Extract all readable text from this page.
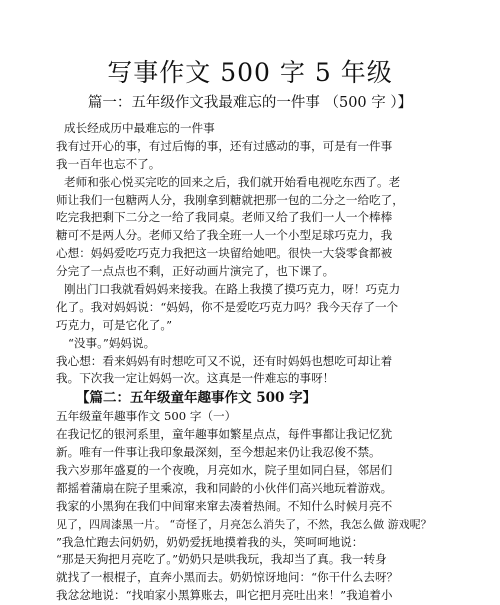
写事作文 500 字 5 年级
篇一：五年级作文我最难忘的一件事 （500 字 ）】
成长经成历中最难忘的一件事
我有过开心的事，有过后悔的事，还有过感动的事，可是有一件事
我一百年也忘不了。
老师和张心悦买完吃的回来之后，我们就开始看电视吃东西了。老
师让我们一包糖两人分，我刚拿到糖就把那一包的二分之一给吃了，
吃完我把剩下二分之一给了我同桌。老师又给了我们一人一个棒棒
糖可不是两人分。老师又给了我全班一人一个小型足球巧克力，我
心想：妈妈爱吃巧克力我把这一块留给她吧。很快一大袋零食都被
分完了一点点也不剩，正好动画片演完了，也下课了。
刚出门口我就看妈妈来接我。在路上我摸了摸巧克力，呀！巧克力
化了。我对妈妈说：“妈妈，你不是爱吃巧克力吗？我今天存了一个
巧克力，可是它化了。”
“没事。”妈妈说。
我心想：看来妈妈有时想吃可又不说，还有时妈妈也想吃可却让着
我。下次我一定让妈妈一次。这真是一件难忘的事呀！
【篇二：五年级童年趣事作文 500 字】
五年级童年趣事作文 500 字（一）
在我记忆的银河系里，童年趣事如繁星点点，每件事都让我记忆犹
新。唯有一件事让我印象最深刻，至今想起来仍让我忍俊不禁。
我六岁那年盛夏的一个夜晚，月亮如水，院子里如同白昼，邻居们
都摇着蒲扇在院子里乘凉，我和同龄的小伙伴们高兴地玩着游戏。
我家的小黑狗在我们中间窜来窜去凑着热闹。不知什么时候月亮不
见了，四周漆黑一片。 “奇怪了，月亮怎么消失了，不然，我怎么做 游戏呢？
”我急忙跑去问奶奶，奶奶爱抚地摸着我的头，笑呵呵地说：
“那是天狗把月亮吃了。”奶奶只是哄我玩，我却当了真。我一转身
就找了一根棍子，直奔小黑而去。奶奶惊讶地问：“你干什么去呀？
我忿忿地说：“找咱家小黑算账去，叫它把月亮吐出来！”我追着小
